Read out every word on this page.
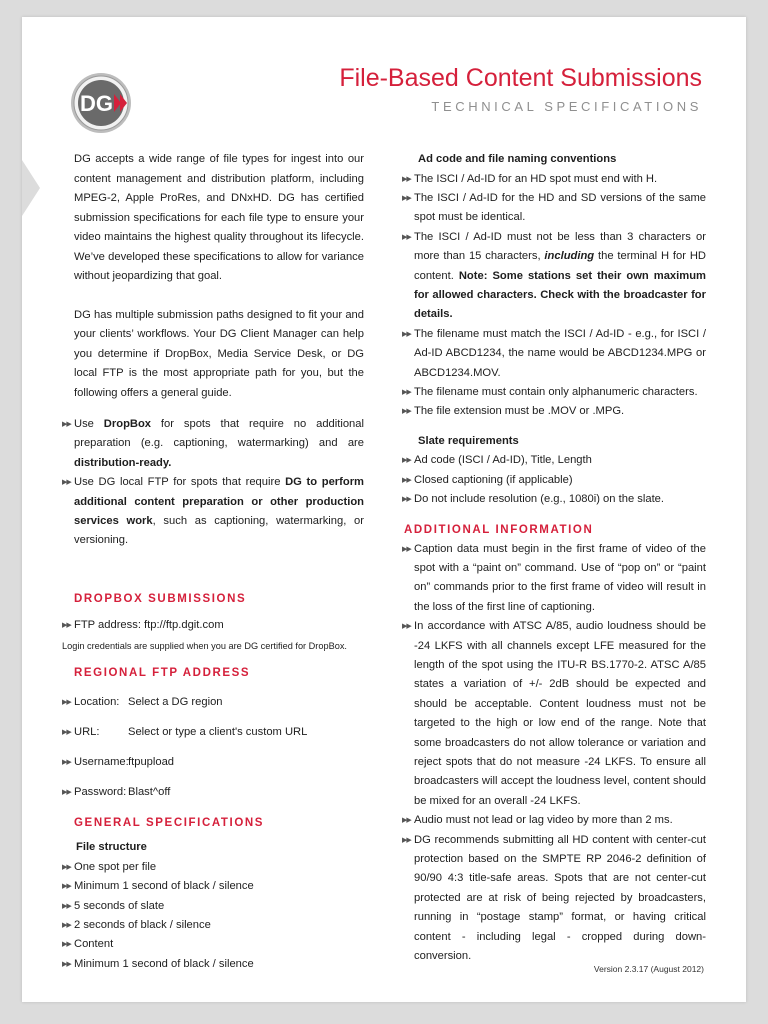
DG
File-Based Content Submissions
TECHNICAL SPECIFICATIONS

DG accepts a wide range of file types for ingest into our content management and distribution platform, including MPEG-2, Apple ProRes, and DNxHD. DG has certified submission specifications for each file type to ensure your video maintains the highest quality throughout its lifecycle. We’ve developed these specifications to allow for variance without jeopardizing that goal.

DG has multiple submission paths designed to fit your and your clients’ workflows. Your DG Client Manager can help you determine if DropBox, Media Service Desk, or DG local FTP is the most appropriate path for you, but the following offers a general guide.

▶▶ Use DropBox for spots that require no additional preparation (e.g. captioning, watermarking) and are distribution-ready.
▶▶ Use DG local FTP for spots that require DG to perform additional content preparation or other production services work, such as captioning, watermarking, or versioning.
DROPBOX SUBMISSIONS
▶▶ FTP address: ftp://ftp.dgit.com
Login credentials are supplied when you are DG certified for DropBox.
REGIONAL FTP ADDRESS
▶▶ Location: Select a DG region
▶▶ URL:	Select or type a client's custom URL
▶▶ Username: ftpupload
▶▶ Password: Blast^off
GENERAL SPECIFICATIONS
File structure
▶▶ One spot per file
▶▶ Minimum 1 second of black / silence
▶▶ 5 seconds of slate
▶▶ 2 seconds of black / silence
▶▶ Content
▶▶ Minimum 1 second of black / silence
Ad code and file naming conventions
▶▶ The ISCI / Ad-ID for an HD spot must end with H.
▶▶ The ISCI / Ad-ID for the HD and SD versions of the same spot must be identical.
▶▶ The ISCI / Ad-ID must not be less than 3 characters or more than 15 characters, including the terminal H for HD content. Note: Some stations set their own maximum for allowed characters. Check with the broadcaster for details.
▶▶ The filename must match the ISCI / Ad-ID - e.g., for ISCI / Ad-ID ABCD1234, the name would be ABCD1234.MPG or ABCD1234.MOV.
▶▶ The filename must contain only alphanumeric characters.
▶▶ The file extension must be .MOV or .MPG.
Slate requirements
▶▶ Ad code (ISCI / Ad-ID), Title, Length
▶▶ Closed captioning (if applicable)
▶▶ Do not include resolution (e.g., 1080i) on the slate.
ADDITIONAL INFORMATION
▶▶ Caption data must begin in the first frame of video of the spot with a “paint on” command. Use of “pop on” or “paint on” commands prior to the first frame of video will result in the loss of the first line of captioning.
▶▶ In accordance with ATSC A/85, audio loudness should be -24 LKFS with all channels except LFE measured for the length of the spot using the ITU-R BS.1770-2. ATSC A/85 states a variation of +/- 2dB should be expected and should be acceptable. Content loudness must not be targeted to the high or low end of the range. Note that some broadcasters do not allow tolerance or variation and reject spots that do not measure -24 LKFS. To ensure all broadcasters will accept the loudness level, content should be mixed for an overall -24 LKFS.
▶▶ Audio must not lead or lag video by more than 2 ms.
▶▶ DG recommends submitting all HD content with center-cut protection based on the SMPTE RP 2046-2 definition of 90/90 4:3 title-safe areas. Spots that are not center-cut protected are at risk of being rejected by broadcasters, running in “postage stamp” format, or having critical content - including legal - cropped during down-conversion.
Version 2.3.17 (August 2012)
